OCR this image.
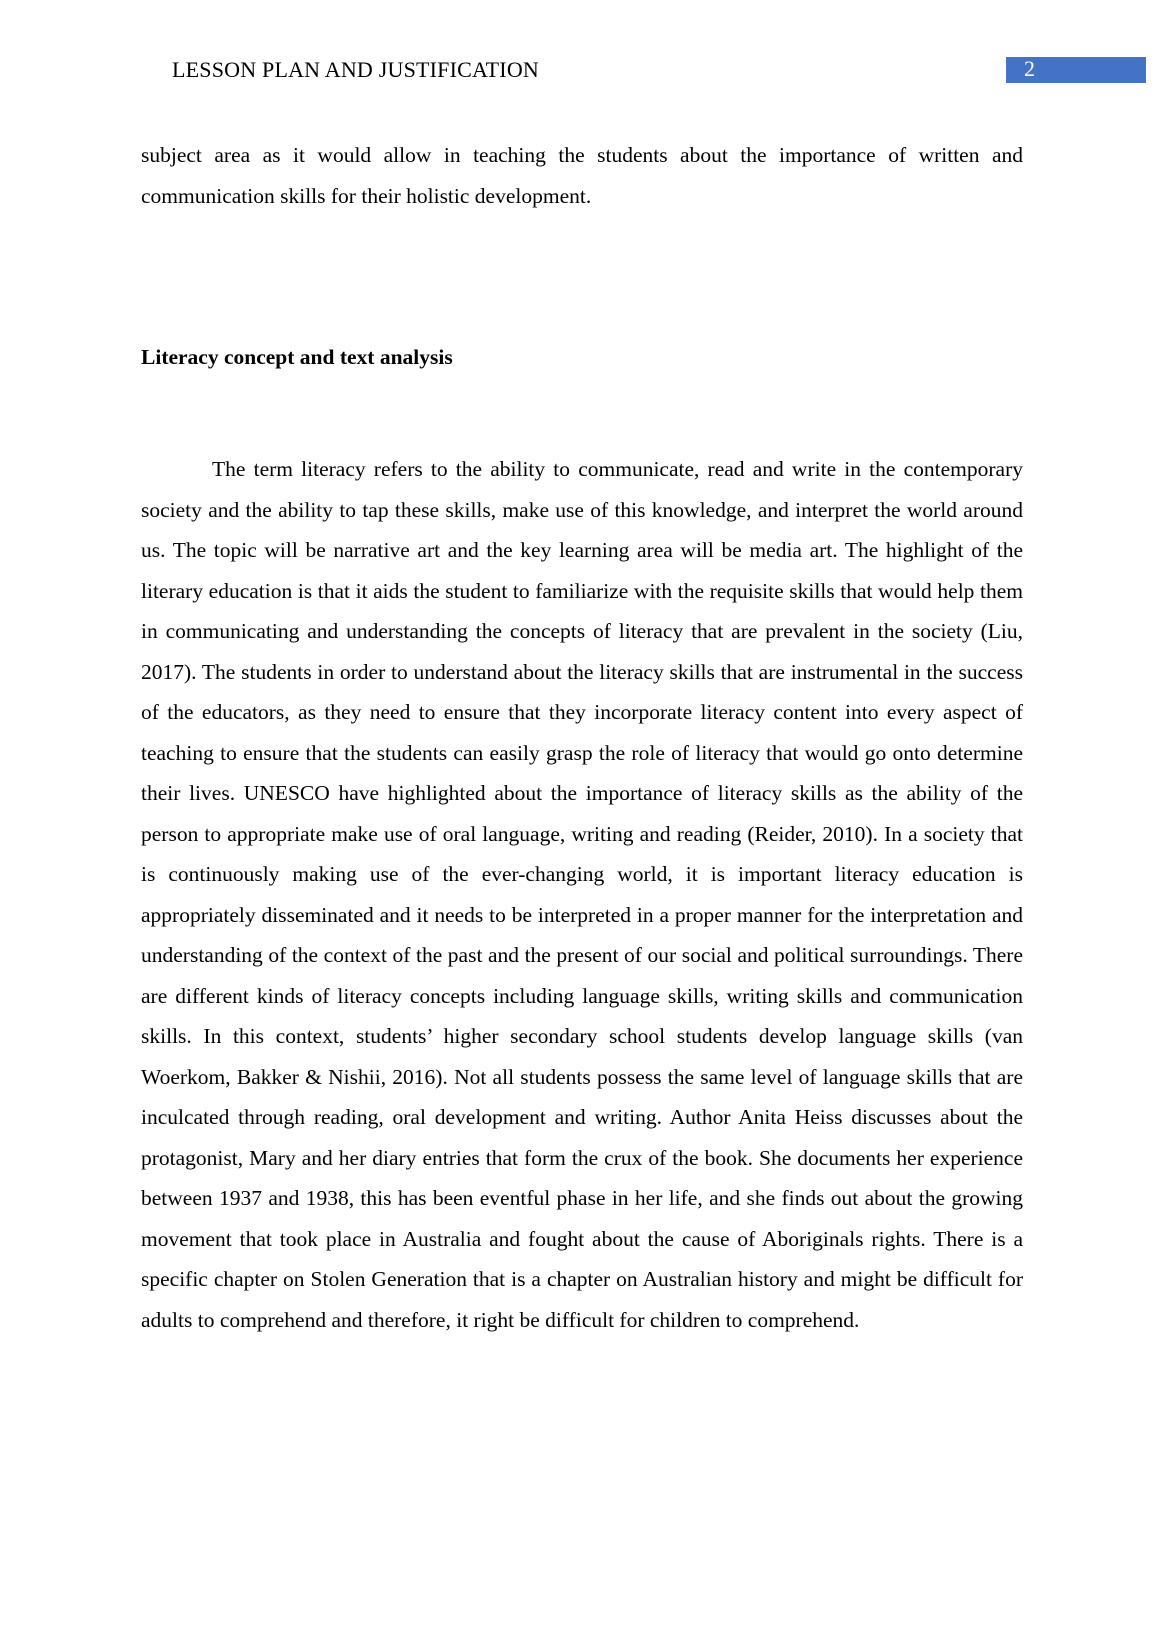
LESSON PLAN AND JUSTIFICATION	2

subject area as it would allow in teaching the students about the importance of written and communication skills for their holistic development.

Literacy concept and text analysis

The term literacy refers to the ability to communicate, read and write in the contemporary society and the ability to tap these skills, make use of this knowledge, and interpret the world around us. The topic will be narrative art and the key learning area will be media art. The highlight of the literary education is that it aids the student to familiarize with the requisite skills that would help them in communicating and understanding the concepts of literacy that are prevalent in the society (Liu, 2017). The students in order to understand about the literacy skills that are instrumental in the success of the educators, as they need to ensure that they incorporate literacy content into every aspect of teaching to ensure that the students can easily grasp the role of literacy that would go onto determine their lives. UNESCO have highlighted about the importance of literacy skills as the ability of the person to appropriate make use of oral language, writing and reading (Reider, 2010). In a society that is continuously making use of the ever-changing world, it is important literacy education is appropriately disseminated and it needs to be interpreted in a proper manner for the interpretation and understanding of the context of the past and the present of our social and political surroundings. There are different kinds of literacy concepts including language skills, writing skills and communication skills. In this context, students’ higher secondary school students develop language skills (van Woerkom, Bakker & Nishii, 2016). Not all students possess the same level of language skills that are inculcated through reading, oral development and writing. Author Anita Heiss discusses about the protagonist, Mary and her diary entries that form the crux of the book. She documents her experience between 1937 and 1938, this has been eventful phase in her life, and she finds out about the growing movement that took place in Australia and fought about the cause of Aboriginals rights. There is a specific chapter on Stolen Generation that is a chapter on Australian history and might be difficult for adults to comprehend and therefore, it right be difficult for children to comprehend.
